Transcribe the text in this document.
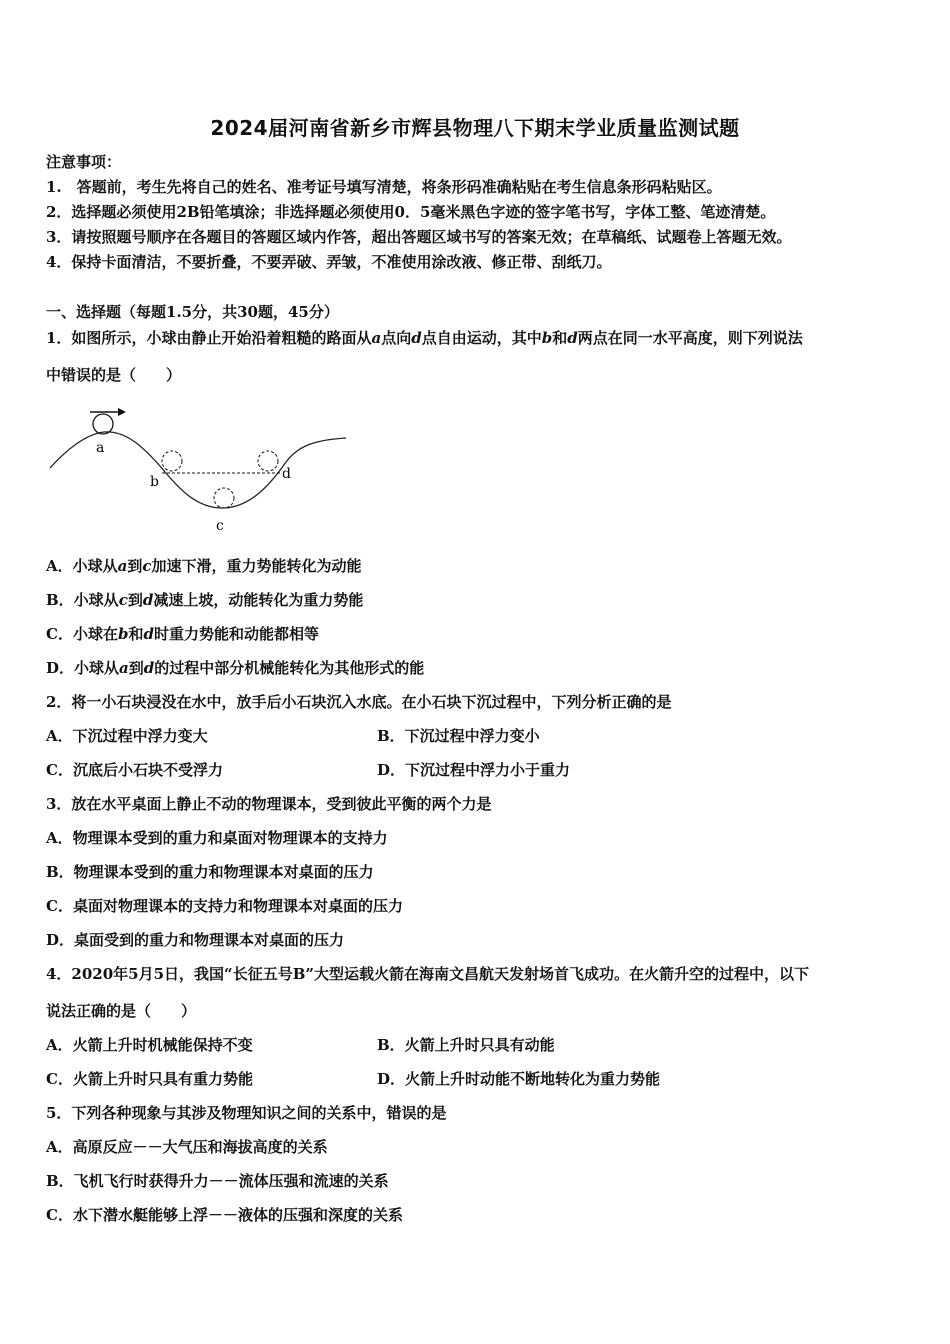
2024届河南省新乡市辉县物理八下期末学业质量监测试题
注意事项：
1.　答题前，考生先将自己的姓名、准考证号填写清楚，将条形码准确粘贴在考生信息条形码粘贴区。
2．选择题必须使用2B铅笔填涂；非选择题必须使用0．5毫米黑色字迹的签字笔书写，字体工整、笔迹清楚。
3．请按照题号顺序在各题目的答题区域内作答，超出答题区域书写的答案无效；在草稿纸、试题卷上答题无效。
4．保持卡面清洁，不要折叠，不要弄破、弄皱，不准使用涂改液、修正带、刮纸刀。
一、选择题（每题1.5分，共30题，45分）
1．如图所示，小球由静止开始沿着粗糙的路面从a点向d点自由运动，其中b和d两点在同一水平高度，则下列说法
中错误的是（　　）
a
b
c
d
A．小球从a到c加速下滑，重力势能转化为动能
B．小球从c到d减速上坡，动能转化为重力势能
C．小球在b和d时重力势能和动能都相等
D．小球从a到d的过程中部分机械能转化为其他形式的能
2．将一小石块浸没在水中，放手后小石块沉入水底。在小石块下沉过程中，下列分析正确的是
A．下沉过程中浮力变大	B．下沉过程中浮力变小
C．沉底后小石块不受浮力	D．下沉过程中浮力小于重力
3．放在水平桌面上静止不动的物理课本，受到彼此平衡的两个力是
A．物理课本受到的重力和桌面对物理课本的支持力
B．物理课本受到的重力和物理课本对桌面的压力
C．桌面对物理课本的支持力和物理课本对桌面的压力
D．桌面受到的重力和物理课本对桌面的压力
4．2020年5月5日，我国“长征五号B”大型运载火箭在海南文昌航天发射场首飞成功。在火箭升空的过程中，以下
说法正确的是（　　）
A．火箭上升时机械能保持不变	B．火箭上升时只具有动能
C．火箭上升时只具有重力势能	D．火箭上升时动能不断地转化为重力势能
5．下列各种现象与其涉及物理知识之间的关系中，错误的是
A．高原反应－－大气压和海拔高度的关系
B．飞机飞行时获得升力－－流体压强和流速的关系
C．水下潜水艇能够上浮－－液体的压强和深度的关系
